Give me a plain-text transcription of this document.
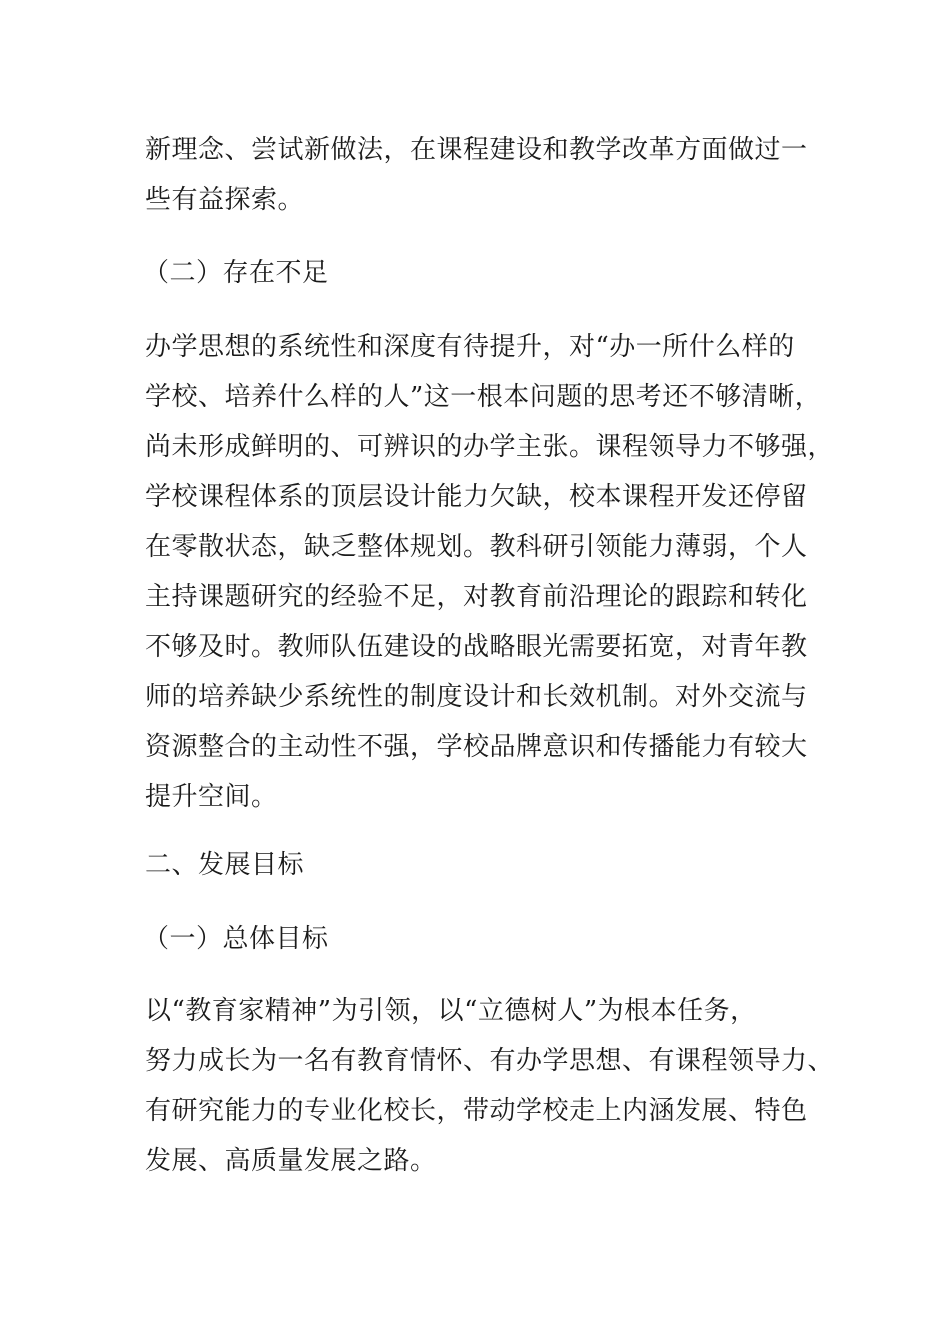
新理念、尝试新做法，在课程建设和教学改革方面做过一
些有益探索。

（二）存在不足

办学思想的系统性和深度有待提升，对“办一所什么样的
学校、培养什么样的人”这一根本问题的思考还不够清晰，
尚未形成鲜明的、可辨识的办学主张。课程领导力不够强，
学校课程体系的顶层设计能力欠缺，校本课程开发还停留
在零散状态，缺乏整体规划。教科研引领能力薄弱，个人
主持课题研究的经验不足，对教育前沿理论的跟踪和转化
不够及时。教师队伍建设的战略眼光需要拓宽，对青年教
师的培养缺少系统性的制度设计和长效机制。对外交流与
资源整合的主动性不强，学校品牌意识和传播能力有较大
提升空间。

二、发展目标

（一）总体目标

以“教育家精神”为引领，以“立德树人”为根本任务，
努力成长为一名有教育情怀、有办学思想、有课程领导力、
有研究能力的专业化校长，带动学校走上内涵发展、特色
发展、高质量发展之路。
